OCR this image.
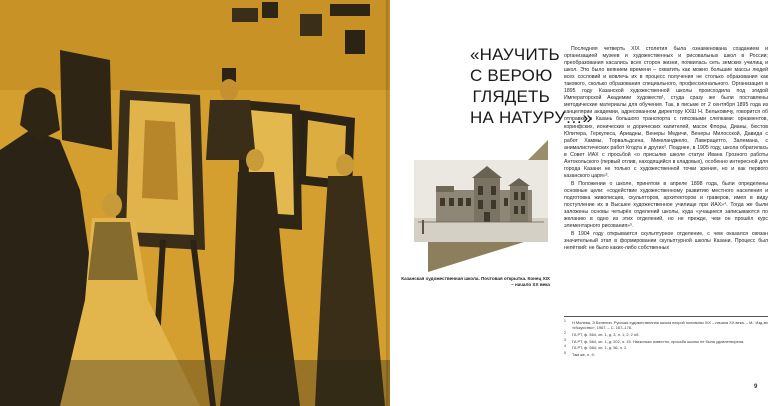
«НАУЧИТЬ
С ВЕРОЮ
ГЛЯДЕТЬ
НА НАТУРУ…»

Последняя четверть XIX столетия была ознаменована созданием и организацией музеев и художественных и рисовальных школ в России; преобразования касались всех сторон жизни, появилась сеть земских училищ и школ. Это было веянием времени – охватить как можно большие массы людей всех сословий и вовлечь их в процесс получения не столько образования как такового, сколько образования специального, профессионального. Организация в 1895 году Казанской художественной школы происходила под эгидой Императорской Академии художеств¹, студа сразу же были поставлены методические материалы для обучения. Так, в письме от 2 сентября 1895 года из канцелярии академии, адресованном директору КХШ Н. Бельковичу, говорится об отправке в Казань большого транспорта с гипсовыми слепками: орнаментов, коринфских, ионических и дорических капителей, масок Флоры, Дианы, бюстов Юпитера, Геркулеса, Ариадны, Венеры Медичи, Венеры Милосской, Давида с работ Хаммы, Торвальдсена, Микеланджело, Лаверацетто, Залемана, с анималистических работ Кгодта и других². Позднее, в 1905 году, школа обратилась в Совет ИАХ с просьбой «о присылке школе статуи Ивана Грозного работы Антокольского (первый отлив, находящийся в кладовых), особенно интересной для города Казани не только с художественной точки зрения, но и как первого казанского царя»³.

В Положении о школе, принятом в апреле 1898 года, были определены основные цели: «содействие художественному развитию местного населения и подготовка живописцев, скульпторов, архитекторов и граверов, имея в виду поступление их в Высшее художественное училище при ИАХ»⁴. Тогда же были заложены основы четырёх отделений школы, куда «учащиеся записываются по желанию в одно из этих отделений, но не прежде, чем он прошёл курс элементарного рисования»⁵.

В 1904 году открывается скульптурное отделение, с чем оказался связан значительный этап в формировании скульптурной школы Казани. Процесс был непёткий: не было каких-либо собственных

Казанская художественная школа. Почтовая открытка. Конец XIX – начало XX века
1 Н.Молева, Э.Белютин. Русская художественная школа второй половины XIX – начала XX века. – М.: Изд-во «Искусство», 1967. – С. 167–178.
2 ГА РТ, ф. 564, оп. 1, д. 3, л. 1, 2, 2 об.
3 ГА РТ, ф. 564, оп. 1, д. 202, л. 15. Насколько известно, просьба школы не была удовлетворена.
4 ГА РТ, ф. 564, оп. 1, д. 56, л. 2.
5 Там же, л. 9.
9
